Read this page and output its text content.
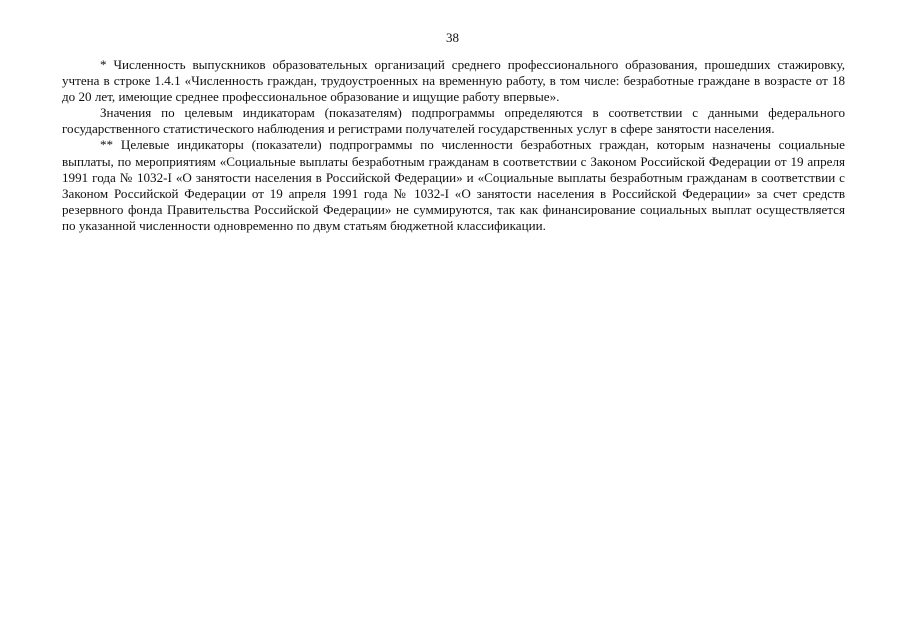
38

* Численность выпускников образовательных организаций среднего профессионального образования, прошедших стажировку, учтена в строке 1.4.1 «Численность граждан, трудоустроенных на временную работу, в том числе: безработные граждане в возрасте от 18 до 20 лет, имеющие среднее профессиональное образование и ищущие работу впервые».

Значения по целевым индикаторам (показателям) подпрограммы определяются в соответствии с данными федерального государственного статистического наблюдения и регистрами получателей государственных услуг в сфере занятости населения.

** Целевые индикаторы (показатели) подпрограммы по численности безработных граждан, которым назначены социальные выплаты, по мероприятиям «Социальные выплаты безработным гражданам в соответствии с Законом Российской Федерации от 19 апреля 1991 года № 1032-I «О занятости населения в Российской Федерации» и «Социальные выплаты безработным гражданам в соответствии с Законом Российской Федерации от 19 апреля 1991 года № 1032-I «О занятости населения в Российской Федерации» за счет средств резервного фонда Правительства Российской Федерации» не суммируются, так как финансирование социальных выплат осуществляется по указанной численности одновременно по двум статьям бюджетной классификации.
